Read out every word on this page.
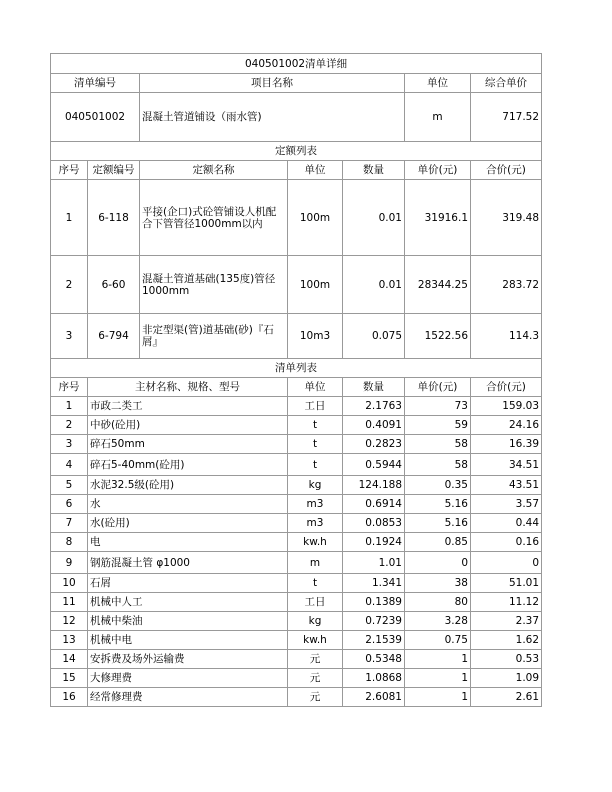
040501002清单详细						
清单编号		项目名称			单位	综合单价
040501002		混凝土管道铺设（雨水管)			m	717.52
定额列表						
序号	定额编号	定额名称	单位	数量	单价(元)	合价(元)
1	6-118	平接(企口)式砼管铺设人机配合下管管径1000mm以内	100m	0.01	31916.1	319.48
2	6-60	混凝土管道基础(135度)管径1000mm	100m	0.01	28344.25	283.72
3	6-794	非定型渠(管)道基础(砂)『石屑』	10m3	0.075	1522.56	114.3
清单列表						
序号	主材名称、规格、型号		单位	数量	单价(元)	合价(元)
1	市政二类工		工日	2.1763	73	159.03
2	中砂(砼用)		t	0.4091	59	24.16
3	碎石50mm		t	0.2823	58	16.39
4	碎石5-40mm(砼用)		t	0.5944	58	34.51
5	水泥32.5级(砼用)		kg	124.188	0.35	43.51
6	水		m3	0.6914	5.16	3.57
7	水(砼用)		m3	0.0853	5.16	0.44
8	电		kw.h	0.1924	0.85	0.16
9	钢筋混凝土管 φ1000		m	1.01	0	0
10	石屑		t	1.341	38	51.01
11	机械中人工		工日	0.1389	80	11.12
12	机械中柴油		kg	0.7239	3.28	2.37
13	机械中电		kw.h	2.1539	0.75	1.62
14	安拆费及场外运输费		元	0.5348	1	0.53
15	大修理费		元	1.0868	1	1.09
16	经常修理费		元	2.6081	1	2.61
